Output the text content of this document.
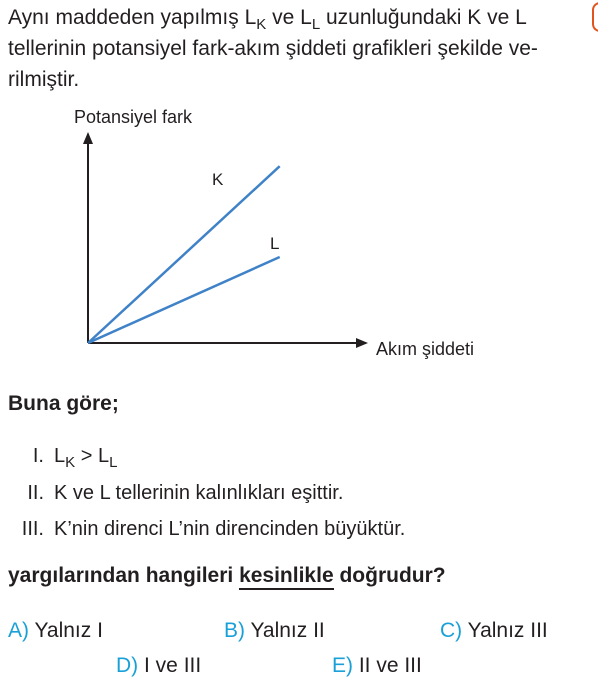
Aynı maddeden yapılmış $L_K$ ve $L_L$ uzunluğundaki K ve L
tellerinin potansiyel fark-akım şiddeti grafikleri şekilde ve-
rilmiştir.
Potansiyel fark
Akım şiddeti
K
L
Buna göre;
I. $L_K > L_L$
II. K ve L tellerinin kalınlıkları eşittir.
III. K’nin direnci L’nin direncinden büyüktür.
yargılarından hangileri kesinlikle doğrudur?
A) Yalnız I	B) Yalnız II	C) Yalnız III
D) I ve III	E) II ve III
